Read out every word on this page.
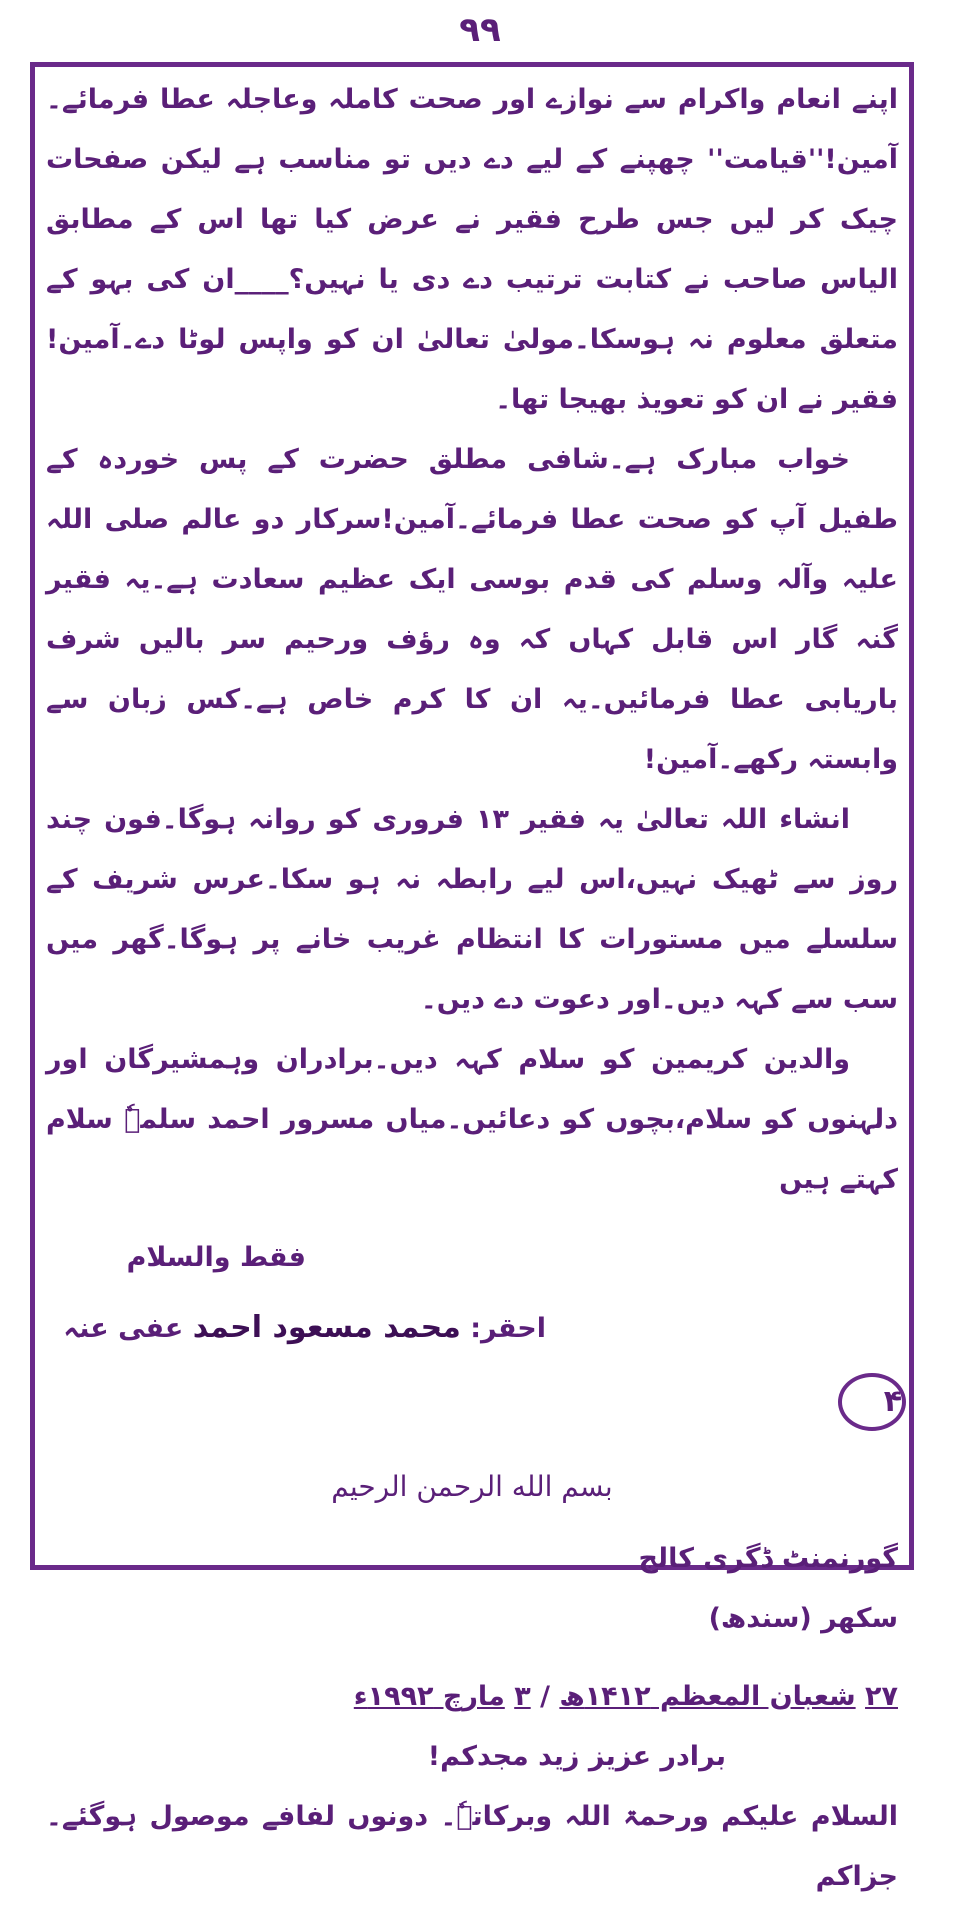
۹۹

اپنے انعام واکرام سے نوازے اور صحت کاملہ وعاجلہ عطا فرمائے۔آمین!''قیامت'' چھپنے کے لیے دے دیں تو مناسب ہے لیکن صفحات چیک کر لیں جس طرح فقیر نے عرض کیا تھا اس کے مطابق الیاس صاحب نے کتابت ترتیب دے دی یا نہیں؟____ان کی بہو کے متعلق معلوم نہ ہوسکا۔مولیٰ تعالیٰ ان کو واپس لوٹا دے۔آمین!فقیر نے ان کو تعویذ بھیجا تھا۔

خواب مبارک ہے۔شافی مطلق حضرت کے پس خوردہ کے طفیل آپ کو صحت عطا فرمائے۔آمین!سرکار دو عالم صلی اللہ علیہ وآلہ وسلم کی قدم بوسی ایک عظیم سعادت ہے۔یہ فقیر گنہ گار اس قابل کہاں کہ وہ رؤف ورحیم سر بالیں شرف باریابی عطا فرمائیں۔یہ ان کا کرم خاص ہے۔کس زبان سے وابستہ رکھے۔آمین!

انشاء اللہ تعالیٰ یہ فقیر ۱۳ فروری کو روانہ ہوگا۔فون چند روز سے ٹھیک نہیں،اس لیے رابطہ نہ ہو سکا۔عرس شریف کے سلسلے میں مستورات کا انتظام غریب خانے پر ہوگا۔گھر میں سب سے کہہ دیں۔اور دعوت دے دیں۔

والدین کریمین کو سلام کہہ دیں۔برادران وہمشیرگان اور دلہنوں کو سلام،بچوں کو دعائیں۔میاں مسرور احمد سلمہٗ سلام کہتے ہیں

فقط والسلام

احقر: محمد مسعود احمد عفی عنہ

۴

بسم الله الرحمن الرحيم

گورنمنٹ ڈگری کالج

سکھر (سندھ)

۲۷ شعبان المعظم ۱۴۱۲ھ / ۳ مارچ ۱۹۹۲ء

برادر عزیز زید مجدکم!

السلام علیکم ورحمۃ اللہ وبرکاتہٗ۔ دونوں لفافے موصول ہوگئے۔جزاکم
